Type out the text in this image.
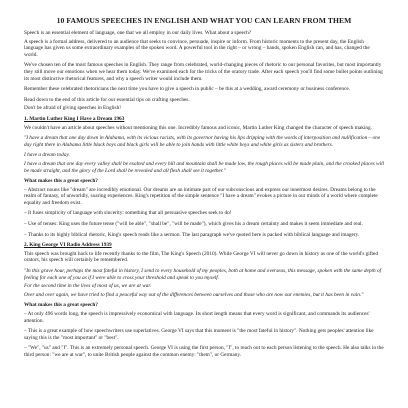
10 FAMOUS SPEECHES IN ENGLISH AND WHAT YOU CAN LEARN FROM THEM

Speech is an essential element of language, one that we all employ in our daily lives. What about a speech?

A speech is a formal address, delivered to an audience that seeks to convince, persuade, inspire or inform. From historic moments to the present day, the English language has given us some extraordinary examples of the spoken word. A powerful tool in the right – or wrong – hands, spoken English can, and has, changed the world.

We've chosen ten of the most famous speeches in English. They range from celebrated, world-changing pieces of rhetoric to our personal favorites, but most importantly they still move our emotions when we hear them today. We've examined each for the tricks of the oratory trade. After each speech you'll find some bullet points outlining its most distinctive rhetorical features, and why a speech writer would include them.

Remember these celebrated rhetoricians the next time you have to give a speech in public – be this at a wedding, award ceremony or business conference.

Read down to the end of this article for our essential tips on crafting speeches.

Don't be afraid of giving speeches in English!

1. Martin Luther King I Have a Dream 1963

We couldn't have an article about speeches without mentioning this one. Incredibly famous and iconic, Martin Luther King changed the character of speech making.

"I have a dream that one day down in Alabama, with its vicious racists, with its governor having his lips dripping with the words of interposition and nullification – one day right there in Alabama little black boys and black girls will be able to join hands with little white boys and white girls as sisters and brothers.

I have a dream today.

I have a dream that one day every valley shall be exalted and every hill and mountain shall be made low, the rough places will be made plain, and the crooked places will be made straight, and the glory of the Lord shall be revealed and all flesh shall see it together."

What makes this a great speech?

– Abstract nouns like "dream" are incredibly emotional. Our dreams are an intimate part of our subconscious and express our innermost desires. Dreams belong to the realm of fantasy, of unworldly, soaring experiences. King's repetition of the simple sentence "I have a dream" evokes a picture in our minds of a world where complete equality and freedom exist.

– It fuses simplicity of language with sincerity: something that all persuasive speeches seek to do!

– Use of tenses: King uses the future tense ("will be able", "shall be", "will be made"), which gives his a dream certainty and makes it seem immediate and real.

– Thanks to its highly biblical rhetoric, King's speech reads like a sermon. The last paragraph we've quoted here is packed with biblical language and imagery.

2. King George VI Radio Address 1939

This speech was brought back to life recently thanks to the film, The King's Speech (2010). While George VI will never go down in history as one of the world's gifted orators, his speech will certainly be remembered.

"In this grave hour, perhaps the most fateful in history, I send to every household of my peoples, both at home and overseas, this message, spoken with the same depth of feeling for each one of you as if I were able to cross your threshold and speak to you myself.

For the second time in the lives of most of us, we are at war.

Over and over again, we have tried to find a peaceful way out of the differences between ourselves and those who are now our enemies, but it has been in vain."

What makes this a great speech?

– At only 496 words long, the speech is impressively economical with language. Its short length means that every word is significant, and commands its audiences' attention.

– This is a great example of how speechwriters use superlatives. George VI says that this moment is "the most fateful in history". Nothing gets peoples' attention like saying this is the "most important" or "best".

– "We", "us" and "I". This is an extremely personal speech. George VI is using the first person, "I", to reach out to each person listening to the speech. He also talks in the third person: "we are at war", to unite British people against the common enemy: "them", or Germany.
